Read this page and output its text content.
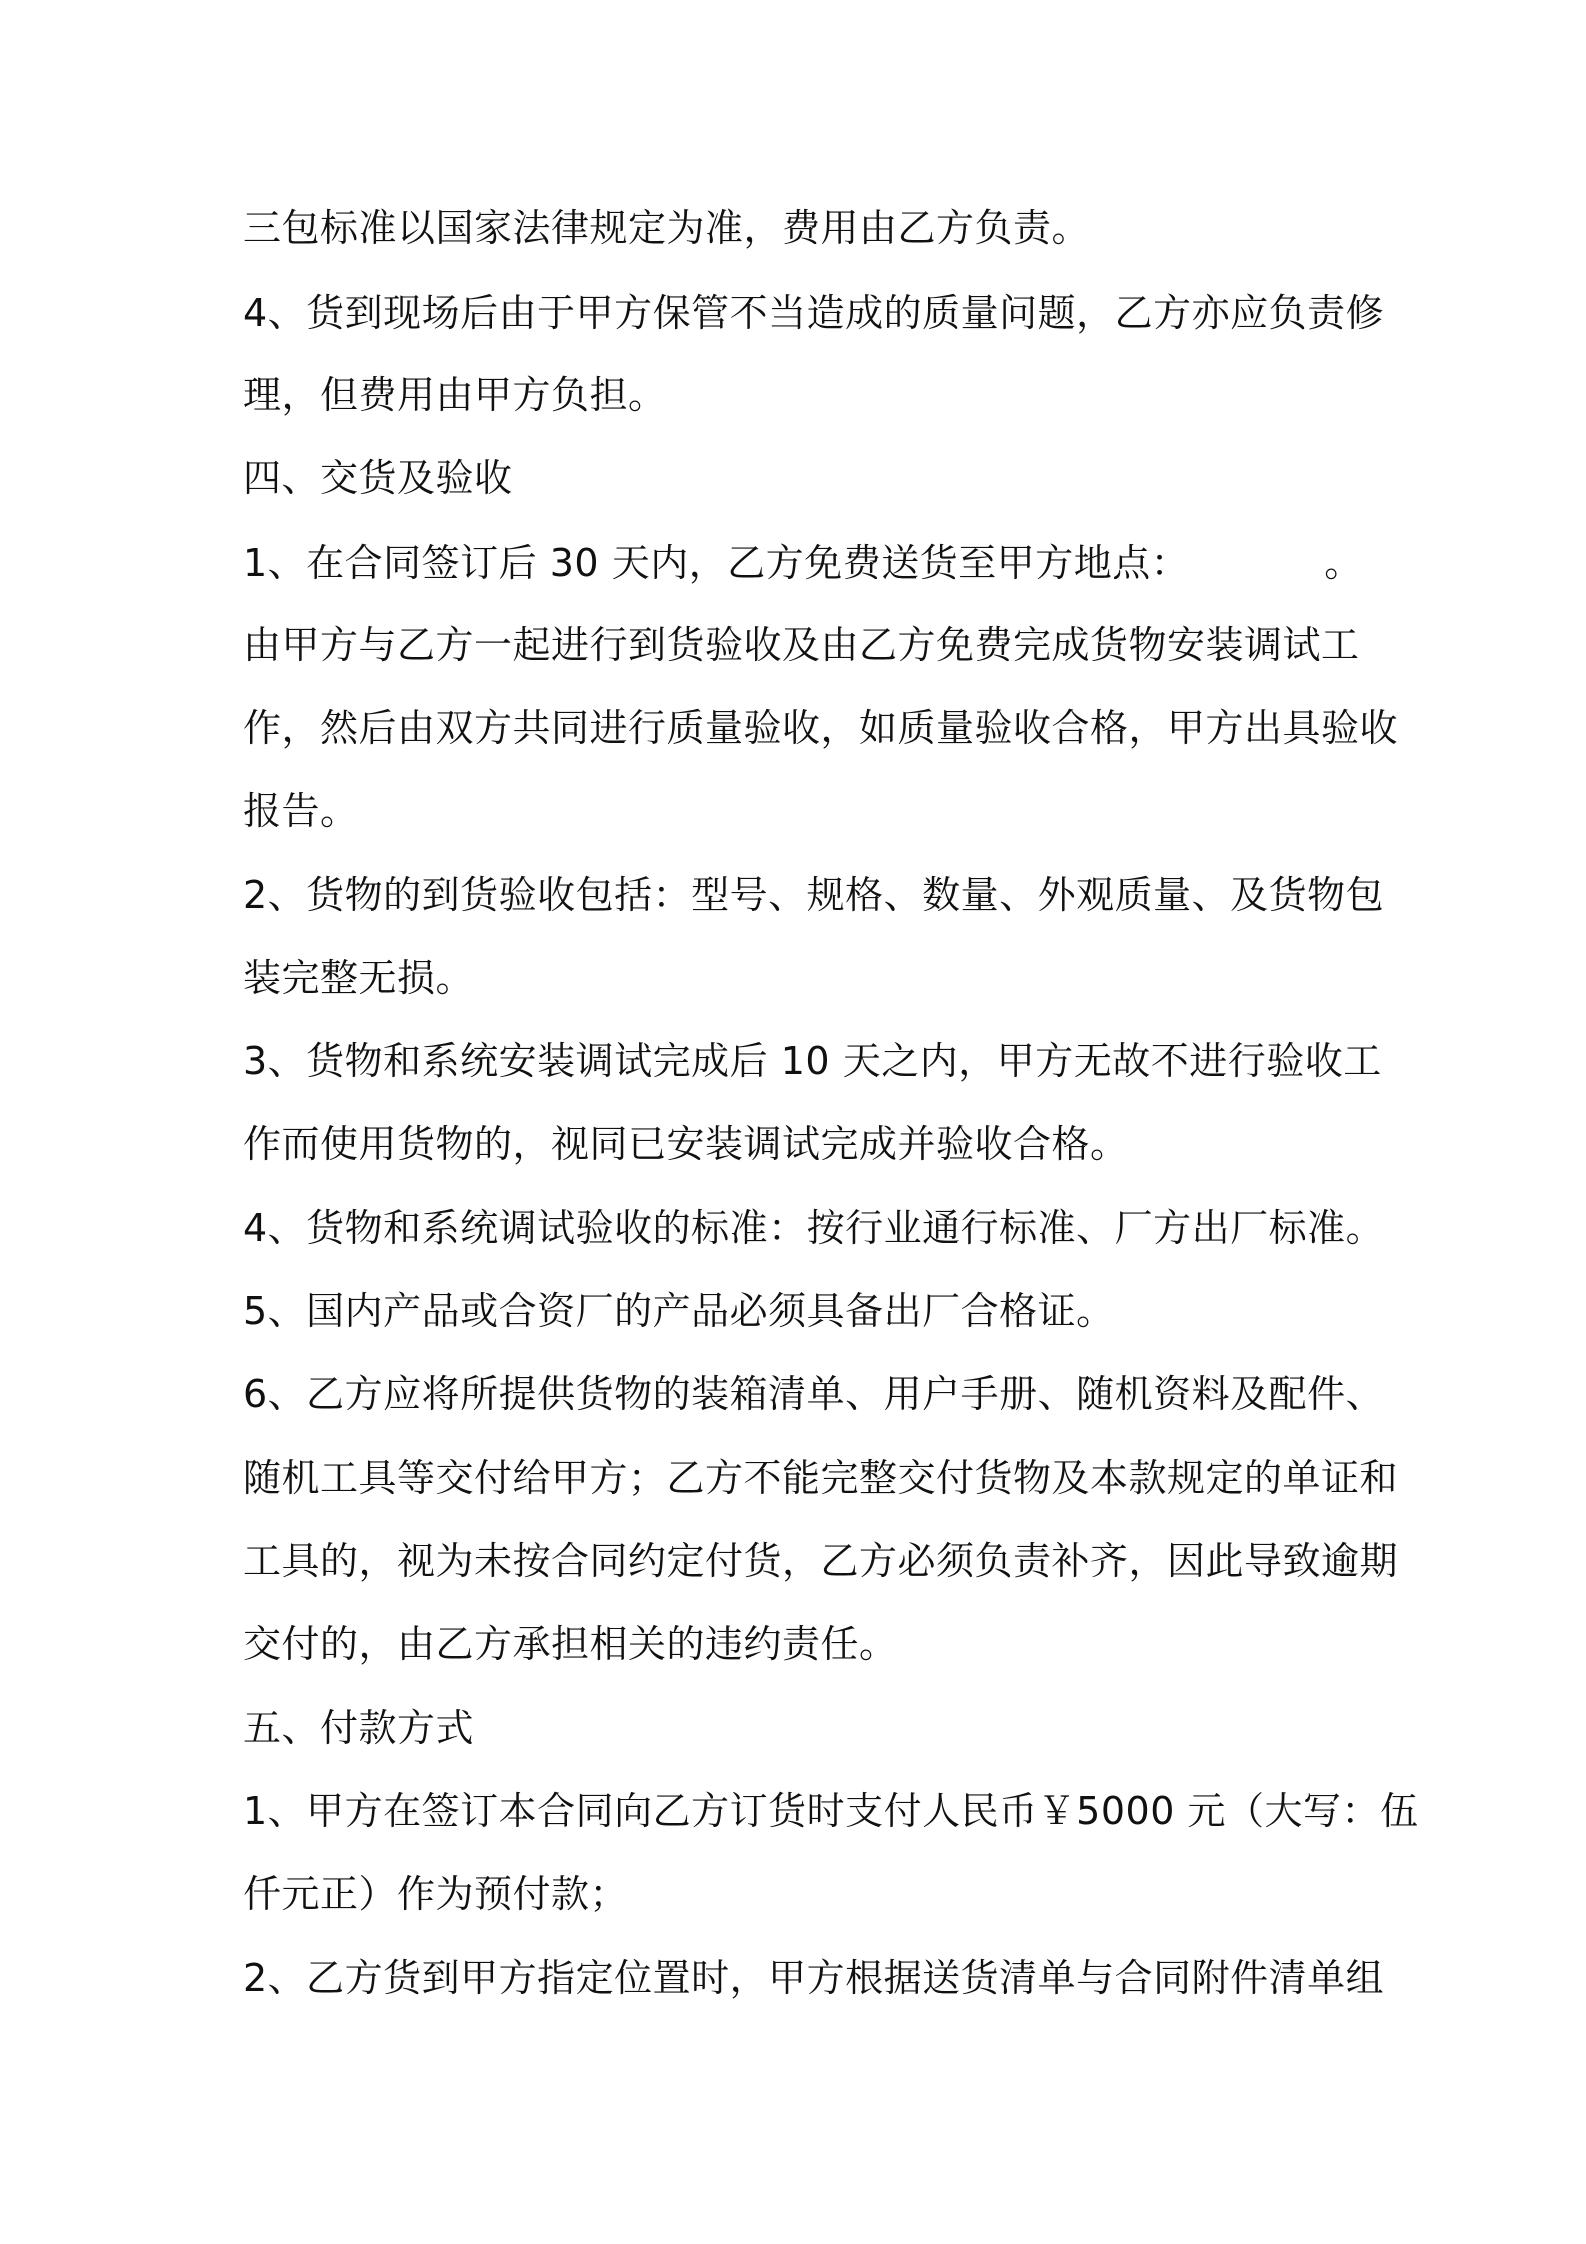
三包标准以国家法律规定为准，费用由乙方负责。
4、货到现场后由于甲方保管不当造成的质量问题，乙方亦应负责修
理，但费用由甲方负担。
四、交货及验收
1、在合同签订后 30 天内，乙方免费送货至甲方地点：　　　　。
由甲方与乙方一起进行到货验收及由乙方免费完成货物安装调试工
作，然后由双方共同进行质量验收，如质量验收合格，甲方出具验收
报告。
2、货物的到货验收包括：型号、规格、数量、外观质量、及货物包
装完整无损。
3、货物和系统安装调试完成后 10 天之内，甲方无故不进行验收工
作而使用货物的，视同已安装调试完成并验收合格。
4、货物和系统调试验收的标准：按行业通行标准、厂方出厂标准。
5、国内产品或合资厂的产品必须具备出厂合格证。
6、乙方应将所提供货物的装箱清单、用户手册、随机资料及配件、
随机工具等交付给甲方；乙方不能完整交付货物及本款规定的单证和
工具的，视为未按合同约定付货，乙方必须负责补齐，因此导致逾期
交付的，由乙方承担相关的违约责任。
五、付款方式
1、甲方在签订本合同向乙方订货时支付人民币￥5000 元（大写：伍
仟元正）作为预付款；
2、乙方货到甲方指定位置时，甲方根据送货清单与合同附件清单组
